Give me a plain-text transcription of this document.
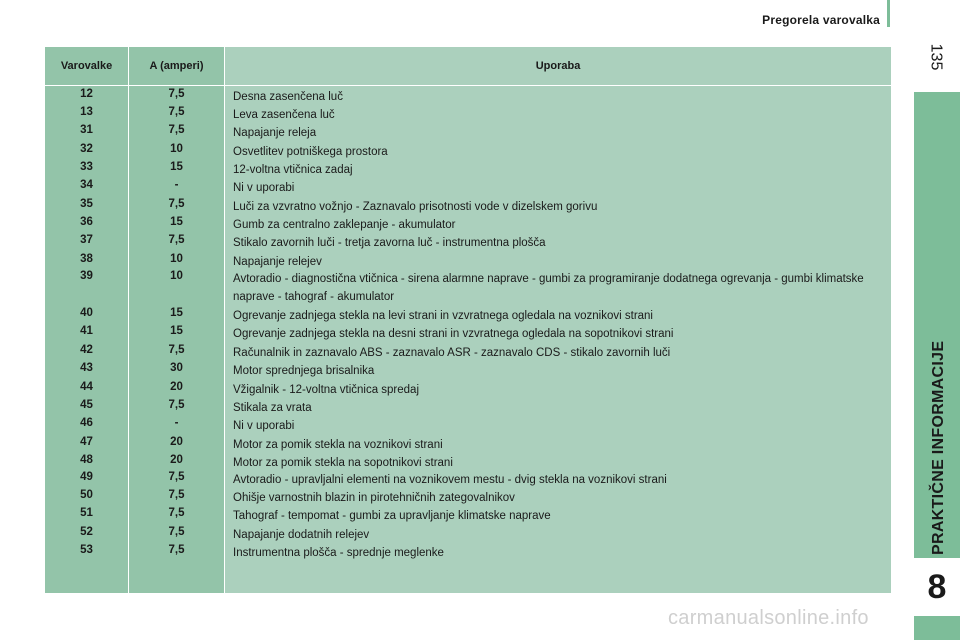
Pregorela varovalka
135
PRAKTIČNE INFORMACIJE
8
Varovalke	A (amperi)	Uporaba
12	7,5	Desna zasenčena luč
13	7,5	Leva zasenčena luč
31	7,5	Napajanje releja
32	10	Osvetlitev potniškega prostora
33	15	12-voltna vtičnica zadaj
34	-	Ni v uporabi
35	7,5	Luči za vzvratno vožnjo - Zaznavalo prisotnosti vode v dizelskem gorivu
36	15	Gumb za centralno zaklepanje - akumulator
37	7,5	Stikalo zavornih luči - tretja zavorna luč - instrumentna plošča
38	10	Napajanje relejev
39	10	Avtoradio - diagnostična vtičnica - sirena alarmne naprave - gumbi za programiranje dodatnega ogrevanja - gumbi klimatske naprave - tahograf - akumulator
40	15	Ogrevanje zadnjega stekla na levi strani in vzvratnega ogledala na voznikovi strani
41	15	Ogrevanje zadnjega stekla na desni strani in vzvratnega ogledala na sopotnikovi strani
42	7,5	Računalnik in zaznavalo ABS - zaznavalo ASR - zaznavalo CDS - stikalo zavornih luči
43	30	Motor sprednjega brisalnika
44	20	Vžigalnik - 12-voltna vtičnica spredaj
45	7,5	Stikala za vrata
46	-	Ni v uporabi
47	20	Motor za pomik stekla na voznikovi strani
48	20	Motor za pomik stekla na sopotnikovi strani
49	7,5	Avtoradio - upravljalni elementi na voznikovem mestu - dvig stekla na voznikovi strani
50	7,5	Ohišje varnostnih blazin in pirotehničnih zategovalnikov
51	7,5	Tahograf - tempomat - gumbi za upravljanje klimatske naprave
52	7,5	Napajanje dodatnih relejev
53	7,5	Instrumentna plošča - sprednje meglenke
carmanualsonline.info
